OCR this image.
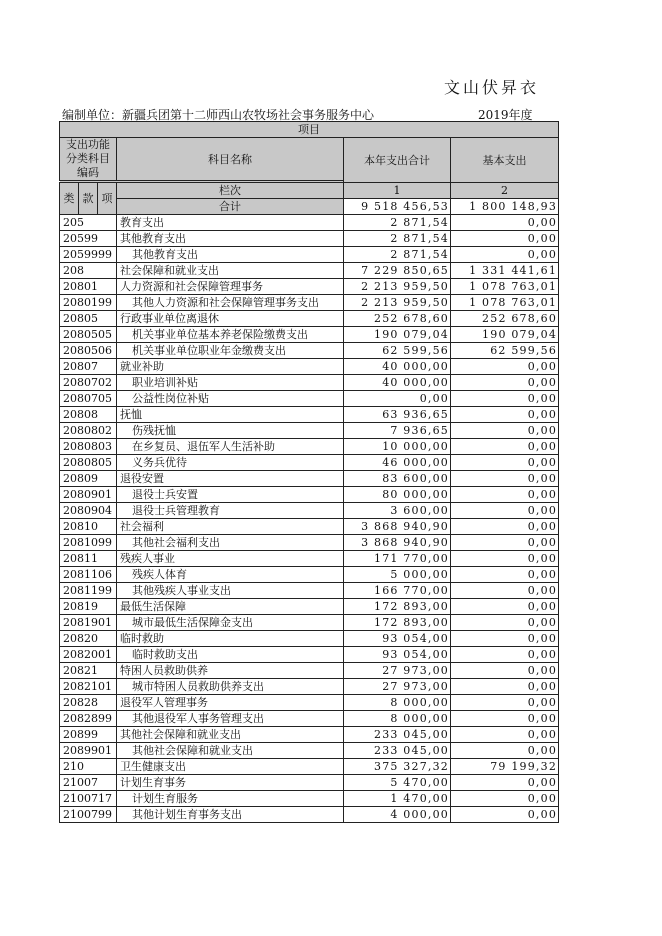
文山伏昇衣
编制单位：新疆兵团第十二师西山农牧场社会事务服务中心	2019年度
项目					
支出功能分类科目编码			科目名称	本年支出合计	基本支出

类	款	项	栏次	1	2
			合计	9 518 456,53	1 800 148,93
205			教育支出	2 871,54	0,00
20599			其他教育支出	2 871,54	0,00
2059999			其他教育支出	2 871,54	0,00
208			社会保障和就业支出	7 229 850,65	1 331 441,61
20801			人力资源和社会保障管理事务	2 213 959,50	1 078 763,01
2080199			其他人力资源和社会保障管理事务支出	2 213 959,50	1 078 763,01
20805			行政事业单位离退休	252 678,60	252 678,60
2080505			机关事业单位基本养老保险缴费支出	190 079,04	190 079,04
2080506			机关事业单位职业年金缴费支出	62 599,56	62 599,56
20807			就业补助	40 000,00	0,00
2080702			职业培训补贴	40 000,00	0,00
2080705			公益性岗位补贴	0,00	0,00
20808			抚恤	63 936,65	0,00
2080802			伤残抚恤	7 936,65	0,00
2080803			在乡复员、退伍军人生活补助	10 000,00	0,00
2080805			义务兵优待	46 000,00	0,00
20809			退役安置	83 600,00	0,00
2080901			退役士兵安置	80 000,00	0,00
2080904			退役士兵管理教育	3 600,00	0,00
20810			社会福利	3 868 940,90	0,00
2081099			其他社会福利支出	3 868 940,90	0,00
20811			残疾人事业	171 770,00	0,00
2081106			残疾人体育	5 000,00	0,00
2081199			其他残疾人事业支出	166 770,00	0,00
20819			最低生活保障	172 893,00	0,00
2081901			城市最低生活保障金支出	172 893,00	0,00
20820			临时救助	93 054,00	0,00
2082001			临时救助支出	93 054,00	0,00
20821			特困人员救助供养	27 973,00	0,00
2082101			城市特困人员救助供养支出	27 973,00	0,00
20828			退役军人管理事务	8 000,00	0,00
2082899			其他退役军人事务管理支出	8 000,00	0,00
20899			其他社会保障和就业支出	233 045,00	0,00
2089901			其他社会保障和就业支出	233 045,00	0,00
210			卫生健康支出	375 327,32	79 199,32
21007			计划生育事务	5 470,00	0,00
2100717			计划生育服务	1 470,00	0,00
2100799			其他计划生育事务支出	4 000,00	0,00
